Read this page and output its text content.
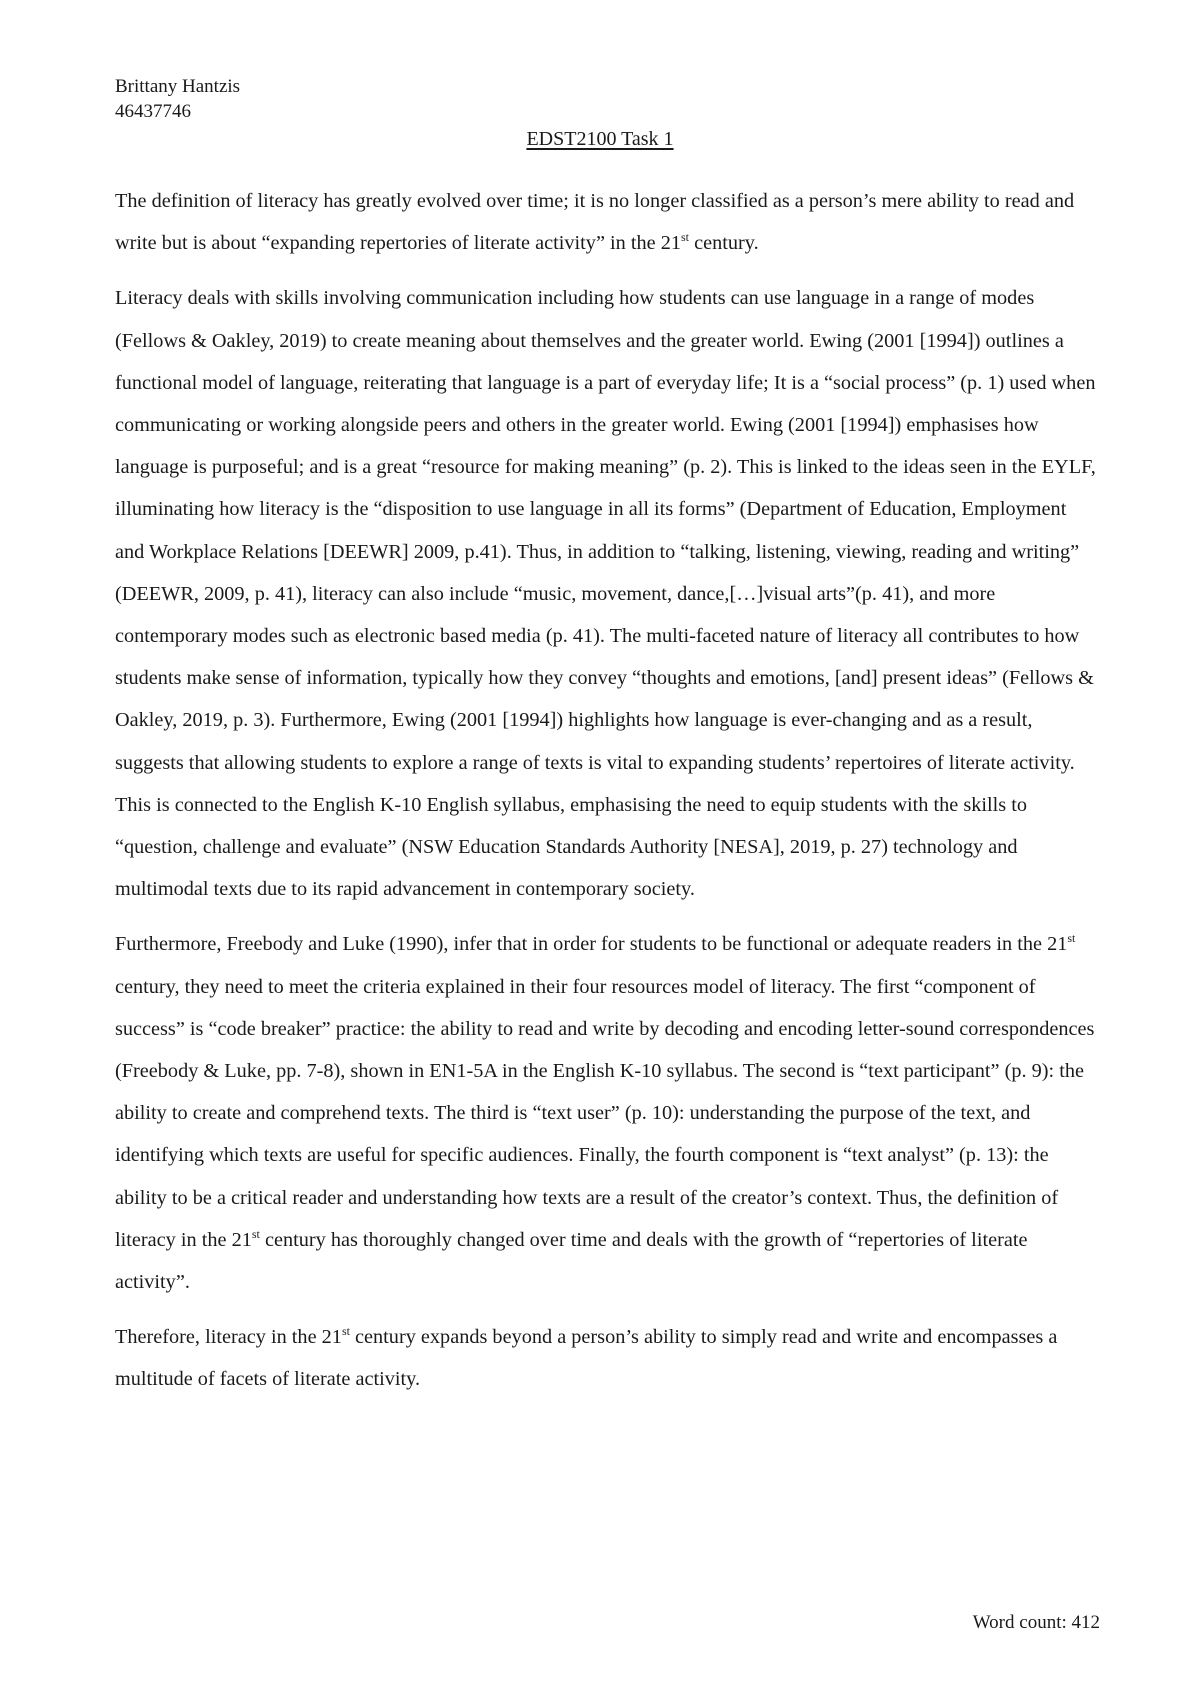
Brittany Hantzis
46437746
EDST2100 Task 1

The definition of literacy has greatly evolved over time; it is no longer classified as a person’s mere ability to read and write but is about “expanding repertories of literate activity” in the 21st century.

Literacy deals with skills involving communication including how students can use language in a range of modes (Fellows & Oakley, 2019) to create meaning about themselves and the greater world. Ewing (2001 [1994]) outlines a functional model of language, reiterating that language is a part of everyday life; It is a “social process” (p. 1) used when communicating or working alongside peers and others in the greater world. Ewing (2001 [1994]) emphasises how language is purposeful; and is a great “resource for making meaning” (p. 2). This is linked to the ideas seen in the EYLF, illuminating how literacy is the “disposition to use language in all its forms” (Department of Education, Employment and Workplace Relations [DEEWR] 2009, p.41). Thus, in addition to “talking, listening, viewing, reading and writing” (DEEWR, 2009, p. 41), literacy can also include “music, movement, dance,[…]visual arts”(p. 41), and more contemporary modes such as electronic based media (p. 41). The multi-faceted nature of literacy all contributes to how students make sense of information, typically how they convey “thoughts and emotions, [and] present ideas” (Fellows & Oakley, 2019, p. 3). Furthermore, Ewing (2001 [1994]) highlights how language is ever-changing and as a result, suggests that allowing students to explore a range of texts is vital to expanding students’ repertoires of literate activity. This is connected to the English K-10 English syllabus, emphasising the need to equip students with the skills to “question, challenge and evaluate” (NSW Education Standards Authority [NESA], 2019, p. 27) technology and multimodal texts due to its rapid advancement in contemporary society.

Furthermore, Freebody and Luke (1990), infer that in order for students to be functional or adequate readers in the 21st century, they need to meet the criteria explained in their four resources model of literacy. The first “component of success” is “code breaker” practice: the ability to read and write by decoding and encoding letter-sound correspondences (Freebody & Luke, pp. 7-8), shown in EN1-5A in the English K-10 syllabus. The second is “text participant” (p. 9): the ability to create and comprehend texts. The third is “text user” (p. 10): understanding the purpose of the text, and identifying which texts are useful for specific audiences. Finally, the fourth component is “text analyst” (p. 13): the ability to be a critical reader and understanding how texts are a result of the creator’s context. Thus, the definition of literacy in the 21st century has thoroughly changed over time and deals with the growth of “repertories of literate activity”.

Therefore, literacy in the 21st century expands beyond a person’s ability to simply read and write and encompasses a multitude of facets of literate activity.

Word count: 412
